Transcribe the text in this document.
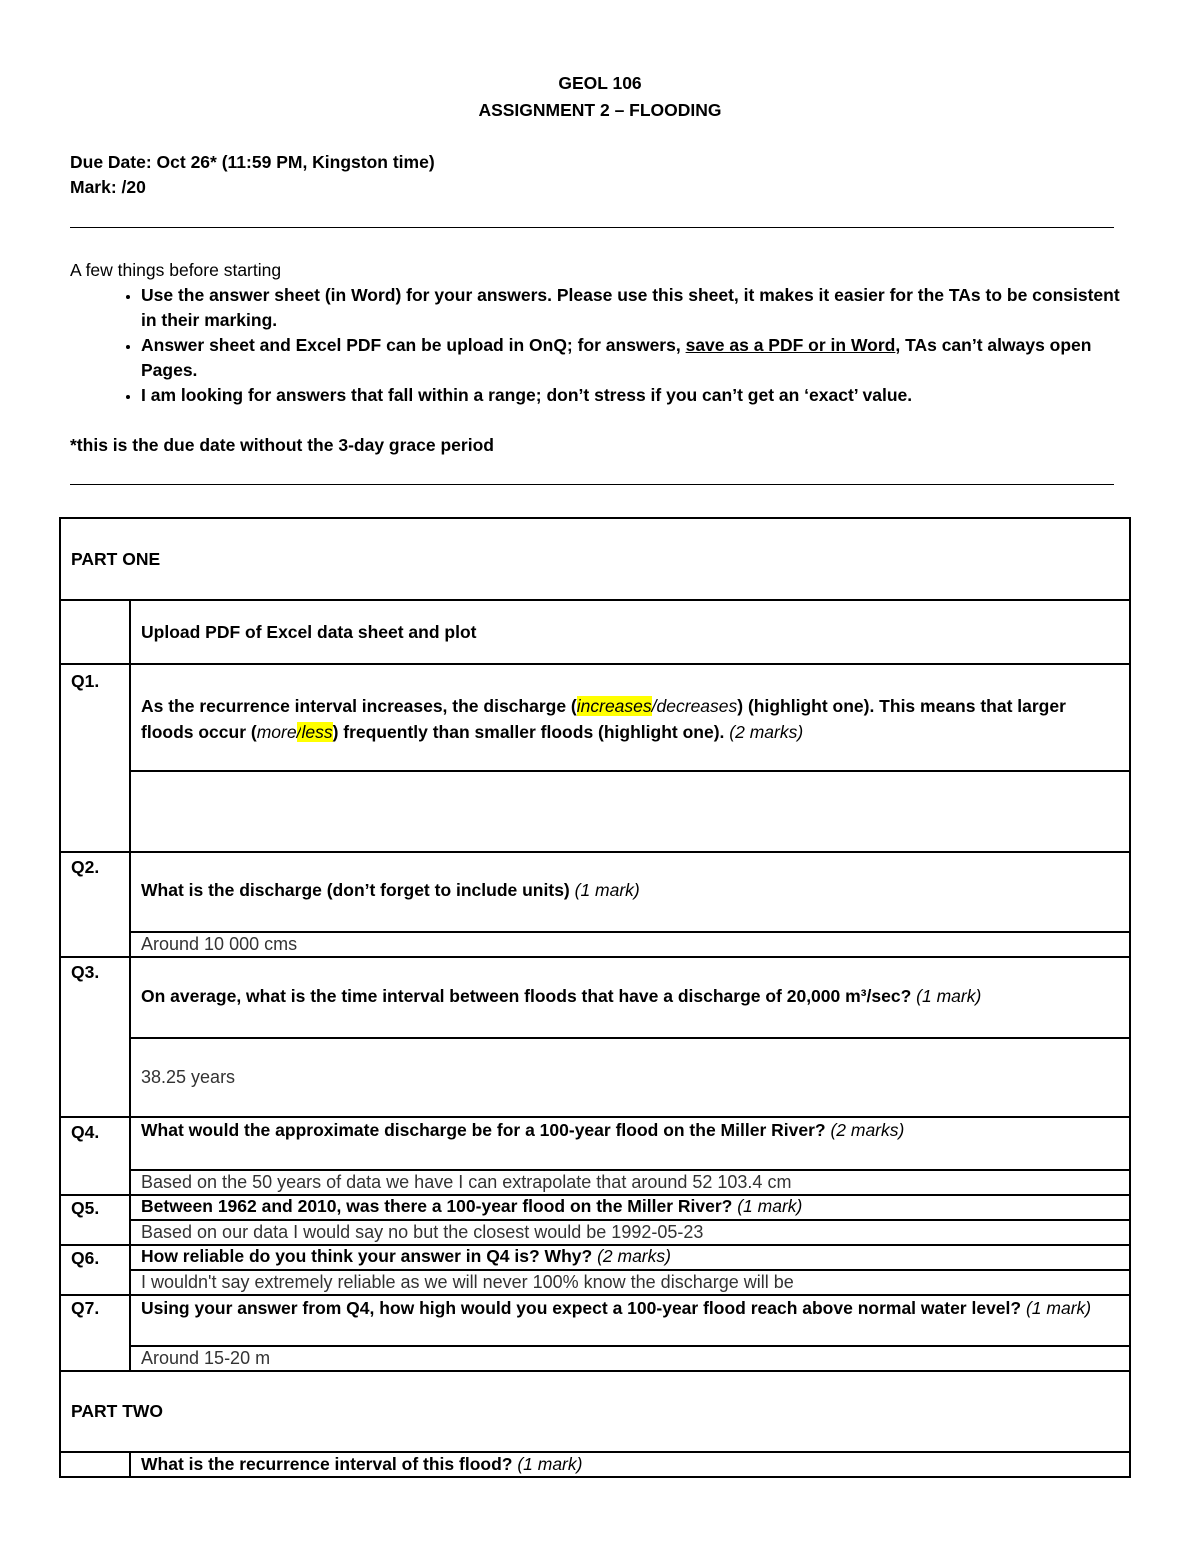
GEOL 106
ASSIGNMENT 2 – FLOODING
Due Date: Oct 26* (11:59 PM, Kingston time)
Mark: /20
A few things before starting
• Use the answer sheet (in Word) for your answers. Please use this sheet, it makes it easier for the TAs to be consistent in their marking.
• Answer sheet and Excel PDF can be upload in OnQ; for answers, save as a PDF or in Word, TAs can’t always open Pages.
• I am looking for answers that fall within a range; don’t stress if you can’t get an ‘exact’ value.
*this is the due date without the 3-day grace period
PART ONE	
	Upload PDF of Excel data sheet and plot
Q1.	As the recurrence interval increases, the discharge (increases/decreases) (highlight one). This means that larger floods occur (more/less) frequently than smaller floods (highlight one). (2 marks)

Q2.	What is the discharge (don’t forget to include units) (1 mark)
	Around 10 000 cms
Q3.	On average, what is the time interval between floods that have a discharge of 20,000 m³/sec? (1 mark)
	38.25 years
Q4.	What would the approximate discharge be for a 100-year flood on the Miller River? (2 marks)
	Based on the 50 years of data we have I can extrapolate that around 52 103.4 cm
Q5.	Between 1962 and 2010, was there a 100-year flood on the Miller River? (1 mark)
	Based on our data I would say no but the closest would be 1992-05-23
Q6.	How reliable do you think your answer in Q4 is? Why? (2 marks)
	I wouldn't say extremely reliable as we will never 100% know the discharge will be
Q7.	Using your answer from Q4, how high would you expect a 100-year flood reach above normal water level? (1 mark)
	Around 15-20 m
PART TWO	
	What is the recurrence interval of this flood? (1 mark)
